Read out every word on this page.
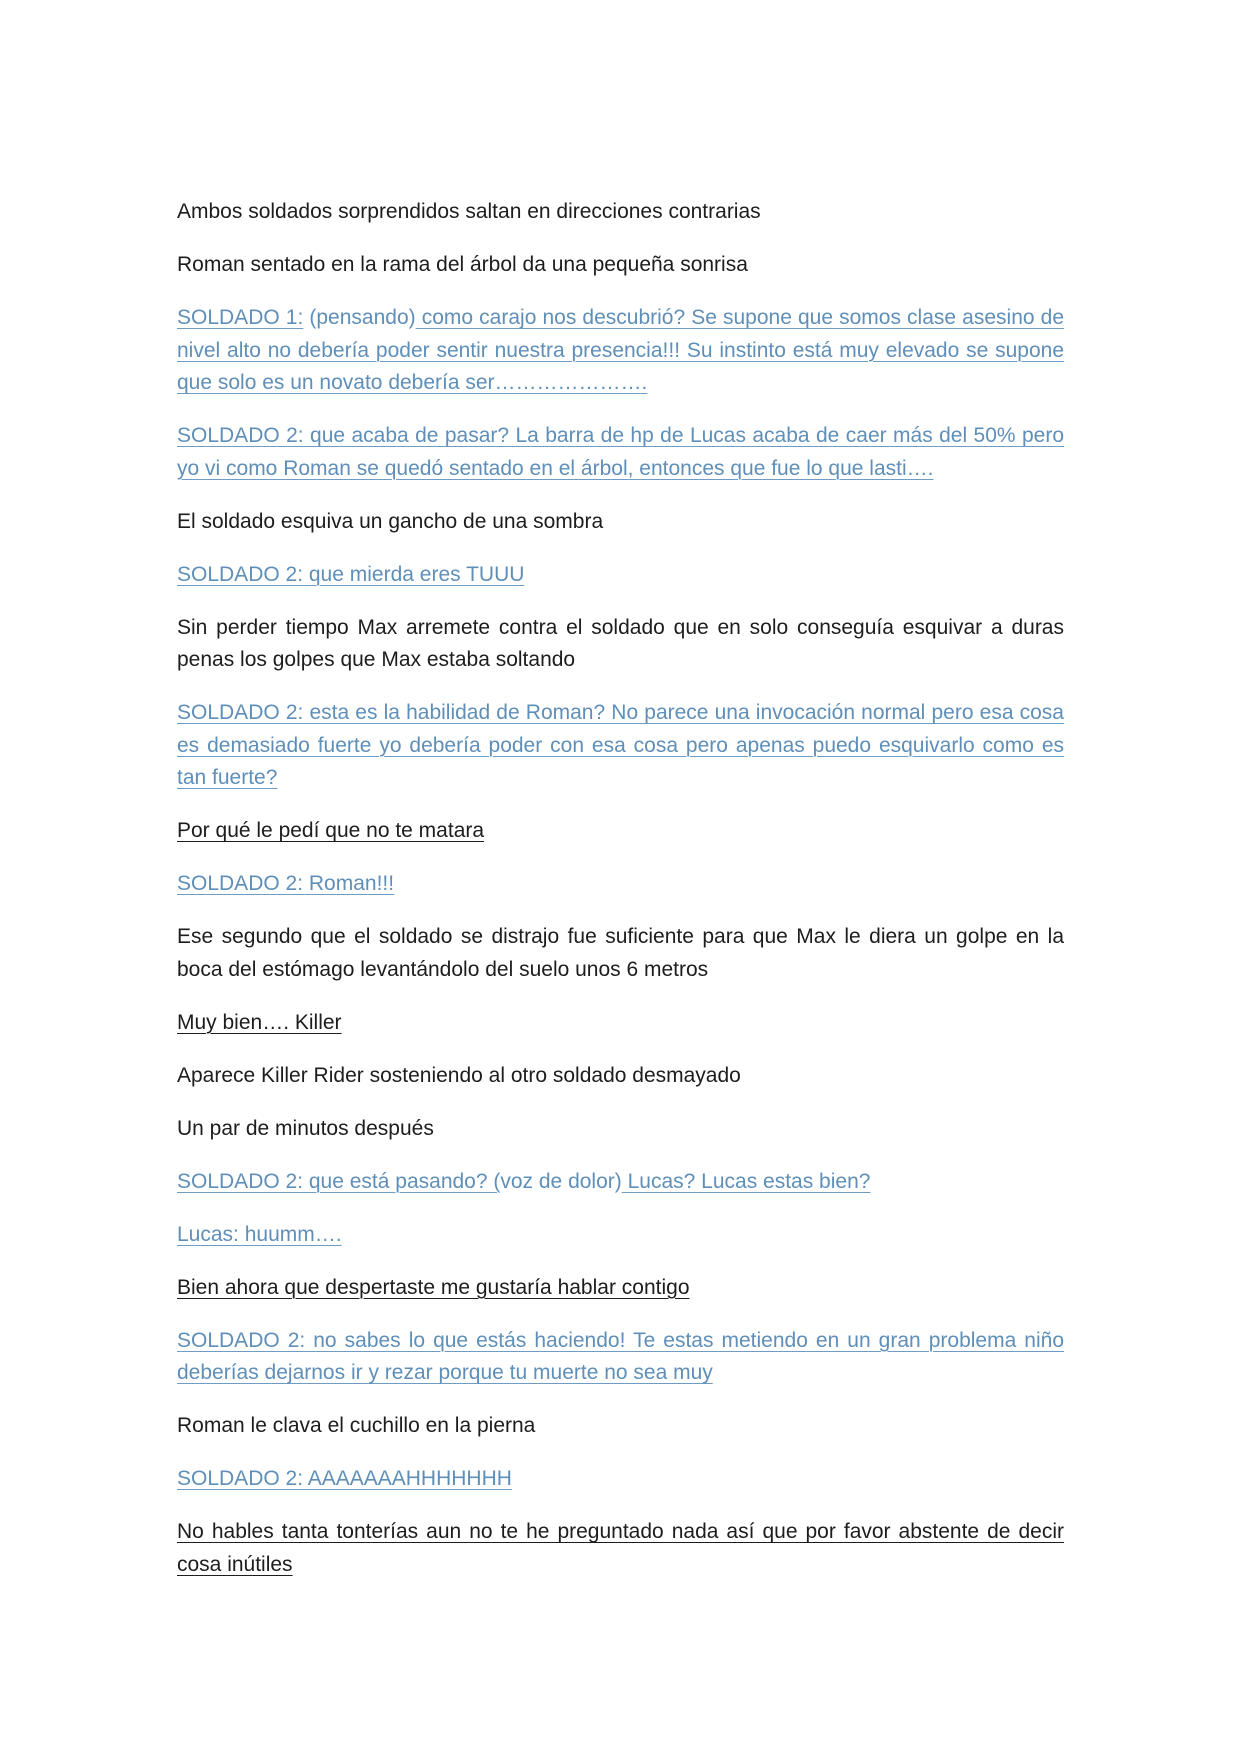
Ambos soldados sorprendidos saltan en direcciones contrarias

Roman sentado en la rama del árbol da una pequeña sonrisa

SOLDADO 1: (pensando) como carajo nos descubrió? Se supone que somos clase asesino de nivel alto no debería poder sentir nuestra presencia!!! Su instinto está muy elevado se supone que solo es un novato debería ser………………….

SOLDADO 2: que acaba de pasar? La barra de hp de Lucas acaba de caer más del 50% pero yo vi como Roman se quedó sentado en el árbol, entonces que fue lo que lasti….

El soldado esquiva un gancho de una sombra

SOLDADO 2: que mierda eres TUUU

Sin perder tiempo Max arremete contra el soldado que en solo conseguía esquivar a duras penas los golpes que Max estaba soltando

SOLDADO 2: esta es la habilidad de Roman? No parece una invocación normal pero esa cosa es demasiado fuerte yo debería poder con esa cosa pero apenas puedo esquivarlo como es tan fuerte?

Por qué le pedí que no te matara

SOLDADO 2: Roman!!!

Ese segundo que el soldado se distrajo fue suficiente para que Max le diera un golpe en la boca del estómago levantándolo del suelo unos 6 metros

Muy bien…. Killer

Aparece Killer Rider sosteniendo al otro soldado desmayado

Un par de minutos después

SOLDADO 2: que está pasando? (voz de dolor) Lucas? Lucas estas bien?

Lucas: huumm….

Bien ahora que despertaste me gustaría hablar contigo

SOLDADO 2: no sabes lo que estás haciendo! Te estas metiendo en un gran problema niño deberías dejarnos ir y rezar porque tu muerte no sea muy

Roman le clava el cuchillo en la pierna

SOLDADO 2: AAAAAAAHHHHHHH

No hables tanta tonterías aun no te he preguntado nada así que por favor abstente de decir cosa inútiles
